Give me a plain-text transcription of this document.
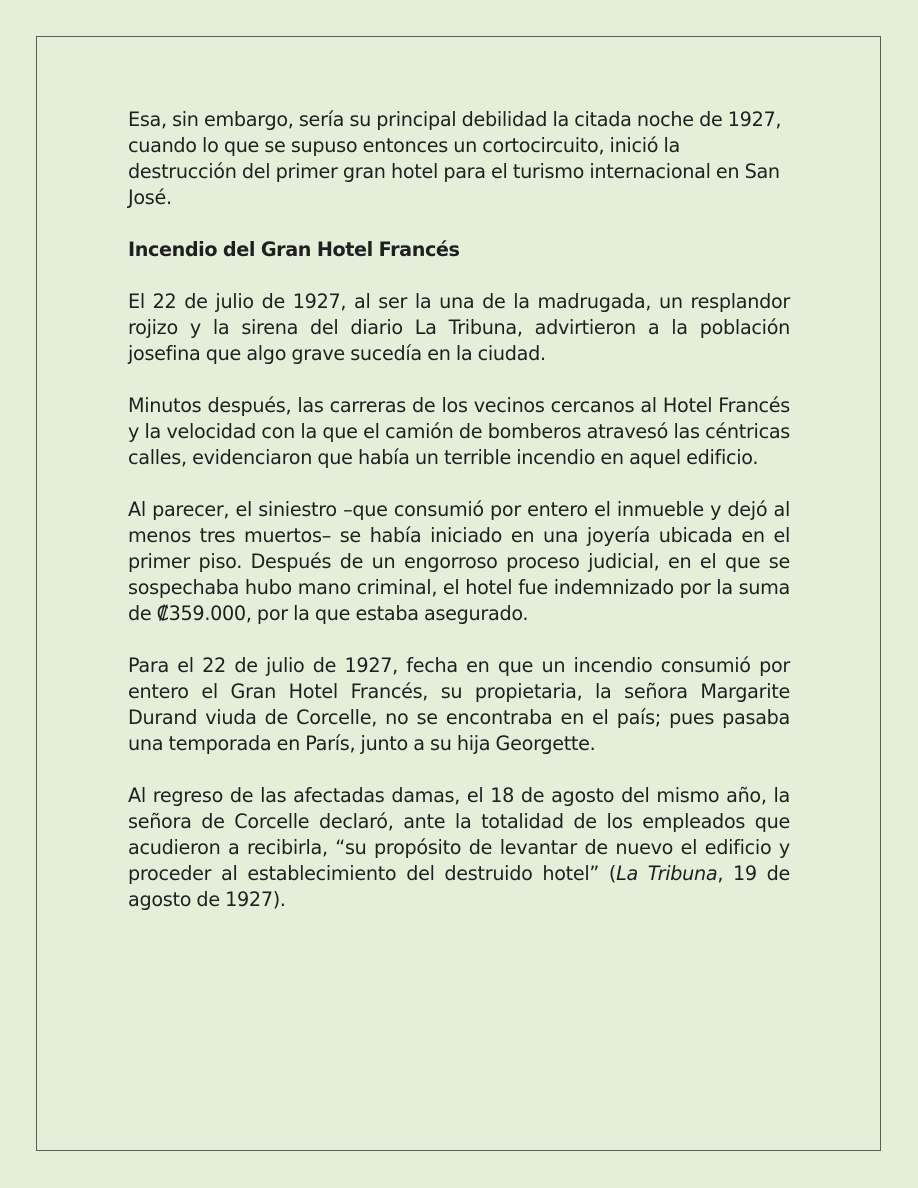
Esa, sin embargo, sería su principal debilidad la citada noche de 1927, cuando lo que se supuso entonces un cortocircuito, inició la destrucción del primer gran hotel para el turismo internacional en San José.

Incendio del Gran Hotel Francés

El 22 de julio de 1927, al ser la una de la madrugada, un resplandor rojizo y la sirena del diario La Tribuna, advirtieron a la población josefina que algo grave sucedía en la ciudad.

Minutos después, las carreras de los vecinos cercanos al Hotel Francés y la velocidad con la que el camión de bomberos atravesó las céntricas calles, evidenciaron que había un terrible incendio en aquel edificio.

Al parecer, el siniestro –que consumió por entero el inmueble y dejó al menos tres muertos– se había iniciado en una joyería ubicada en el primer piso. Después de un engorroso proceso judicial, en el que se sospechaba hubo mano criminal, el hotel fue indemnizado por la suma de ₡359.000, por la que estaba asegurado.

Para el 22 de julio de 1927, fecha en que un incendio consumió por entero el Gran Hotel Francés, su propietaria, la señora Margarite Durand viuda de Corcelle, no se encontraba en el país; pues pasaba una temporada en París, junto a su hija Georgette.

Al regreso de las afectadas damas, el 18 de agosto del mismo año, la señora de Corcelle declaró, ante la totalidad de los empleados que acudieron a recibirla, “su propósito de levantar de nuevo el edificio y proceder al establecimiento del destruido hotel” (La Tribuna, 19 de agosto de 1927).
